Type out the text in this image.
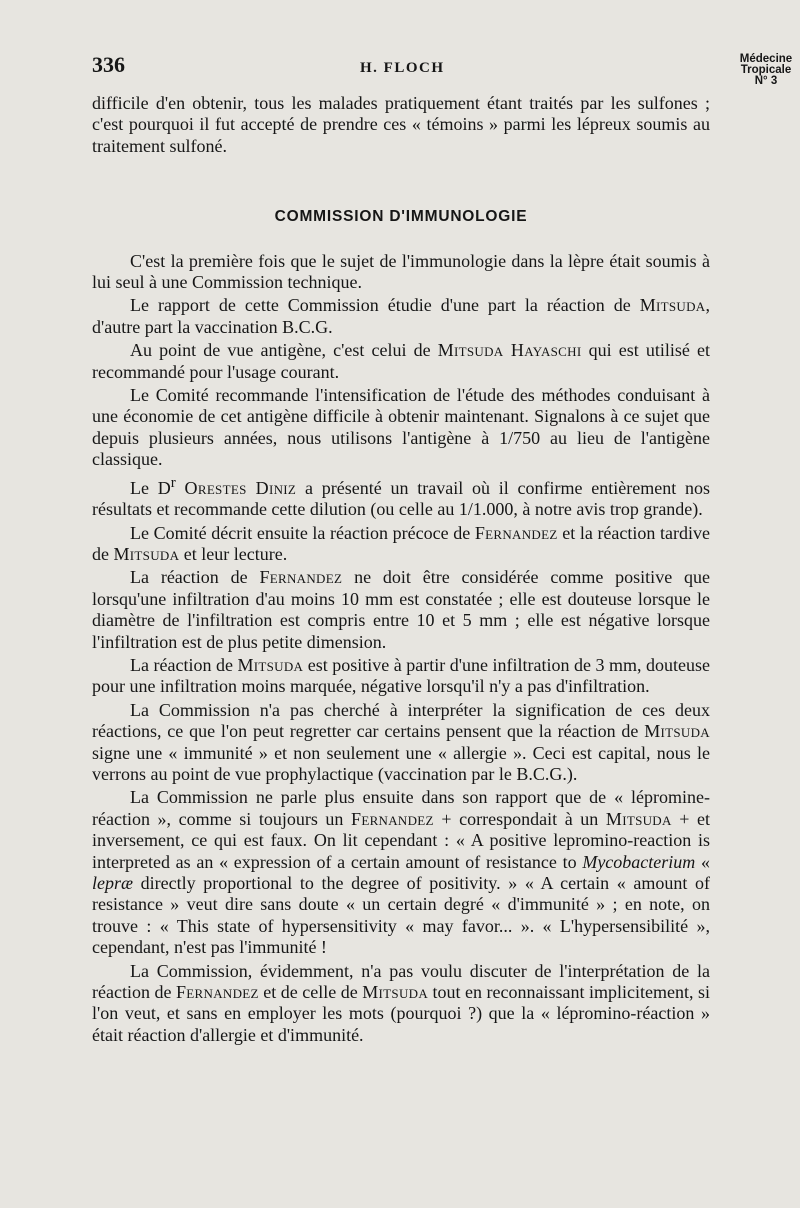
336	H. FLOCH
Médecine
Tropicale
N° 3

difficile d'en obtenir, tous les malades pratiquement étant traités par les sulfones ; c'est pourquoi il fut accepté de prendre ces « témoins » parmi les lépreux soumis au traitement sulfoné.

COMMISSION D'IMMUNOLOGIE

C'est la première fois que le sujet de l'immunologie dans la lèpre était soumis à lui seul à une Commission technique.

Le rapport de cette Commission étudie d'une part la réaction de Mitsuda, d'autre part la vaccination B.C.G.

Au point de vue antigène, c'est celui de Mitsuda Hayaschi qui est utilisé et recommandé pour l'usage courant.

Le Comité recommande l'intensification de l'étude des méthodes conduisant à une économie de cet antigène difficile à obtenir maintenant. Signalons à ce sujet que depuis plusieurs années, nous utilisons l'antigène à 1/750 au lieu de l'antigène classique.

Le $D^r$ Orestes Diniz a présenté un travail où il confirme entièrement nos résultats et recommande cette dilution (ou celle au 1/1.000, à notre avis trop grande).

Le Comité décrit ensuite la réaction précoce de Fernandez et la réaction tardive de Mitsuda et leur lecture.

La réaction de Fernandez ne doit être considérée comme positive que lorsqu'une infiltration d'au moins 10 mm est constatée ; elle est douteuse lorsque le diamètre de l'infiltration est compris entre 10 et 5 mm ; elle est négative lorsque l'infiltration est de plus petite dimension.

La réaction de Mitsuda est positive à partir d'une infiltration de 3 mm, douteuse pour une infiltration moins marquée, négative lorsqu'il n'y a pas d'infiltration.

La Commission n'a pas cherché à interpréter la signification de ces deux réactions, ce que l'on peut regretter car certains pensent que la réaction de Mitsuda signe une « immunité » et non seulement une « allergie ». Ceci est capital, nous le verrons au point de vue prophylactique (vaccination par le B.C.G.).

La Commission ne parle plus ensuite dans son rapport que de « lépromine-réaction », comme si toujours un Fernandez + correspondait à un Mitsuda + et inversement, ce qui est faux. On lit cependant : « A positive lepromino-reaction is interpreted as an « expression of a certain amount of resistance to Mycobacterium « lepræ directly proportional to the degree of positivity. » « A certain « amount of resistance » veut dire sans doute « un certain degré « d'immunité » ; en note, on trouve : « This state of hypersensitivity « may favor... ». « L'hypersensibilité », cependant, n'est pas l'immunité !

La Commission, évidemment, n'a pas voulu discuter de l'interprétation de la réaction de Fernandez et de celle de Mitsuda tout en reconnaissant implicitement, si l'on veut, et sans en employer les mots (pourquoi ?) que la « lépromino-réaction » était réaction d'allergie et d'immunité.
